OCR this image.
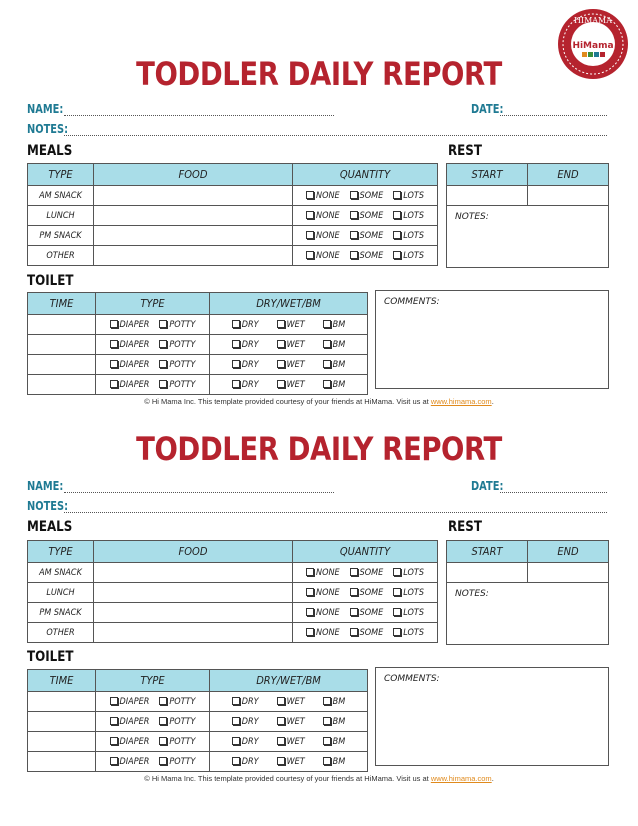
HIMAMA
HiMama
TODDLER DAILY REPORT
NAME:	DATE:
NOTES:
MEALS	REST
TYPE	FOOD	QUANTITY
AM SNACK		NONE SOME LOTS
LUNCH		NONE SOME LOTS
PM SNACK		NONE SOME LOTS
OTHER		NONE SOME LOTS
START	END

NOTES:
TOILET
TIME	TYPE	DRY/WET/BM
	DIAPER POTTY	DRY WET BM
	DIAPER POTTY	DRY WET BM
	DIAPER POTTY	DRY WET BM
	DIAPER POTTY	DRY WET BM
COMMENTS:
© Hi Mama Inc. This template provided courtesy of your friends at HiMama. Visit us at www.himama.com.
TODDLER DAILY REPORT
NAME:	DATE:
NOTES:
MEALS	REST
TYPE	FOOD	QUANTITY
AM SNACK		NONE SOME LOTS
LUNCH		NONE SOME LOTS
PM SNACK		NONE SOME LOTS
OTHER		NONE SOME LOTS
START	END

NOTES:
TOILET
TIME	TYPE	DRY/WET/BM
	DIAPER POTTY	DRY WET BM
	DIAPER POTTY	DRY WET BM
	DIAPER POTTY	DRY WET BM
	DIAPER POTTY	DRY WET BM
COMMENTS:
© Hi Mama Inc. This template provided courtesy of your friends at HiMama. Visit us at www.himama.com.
